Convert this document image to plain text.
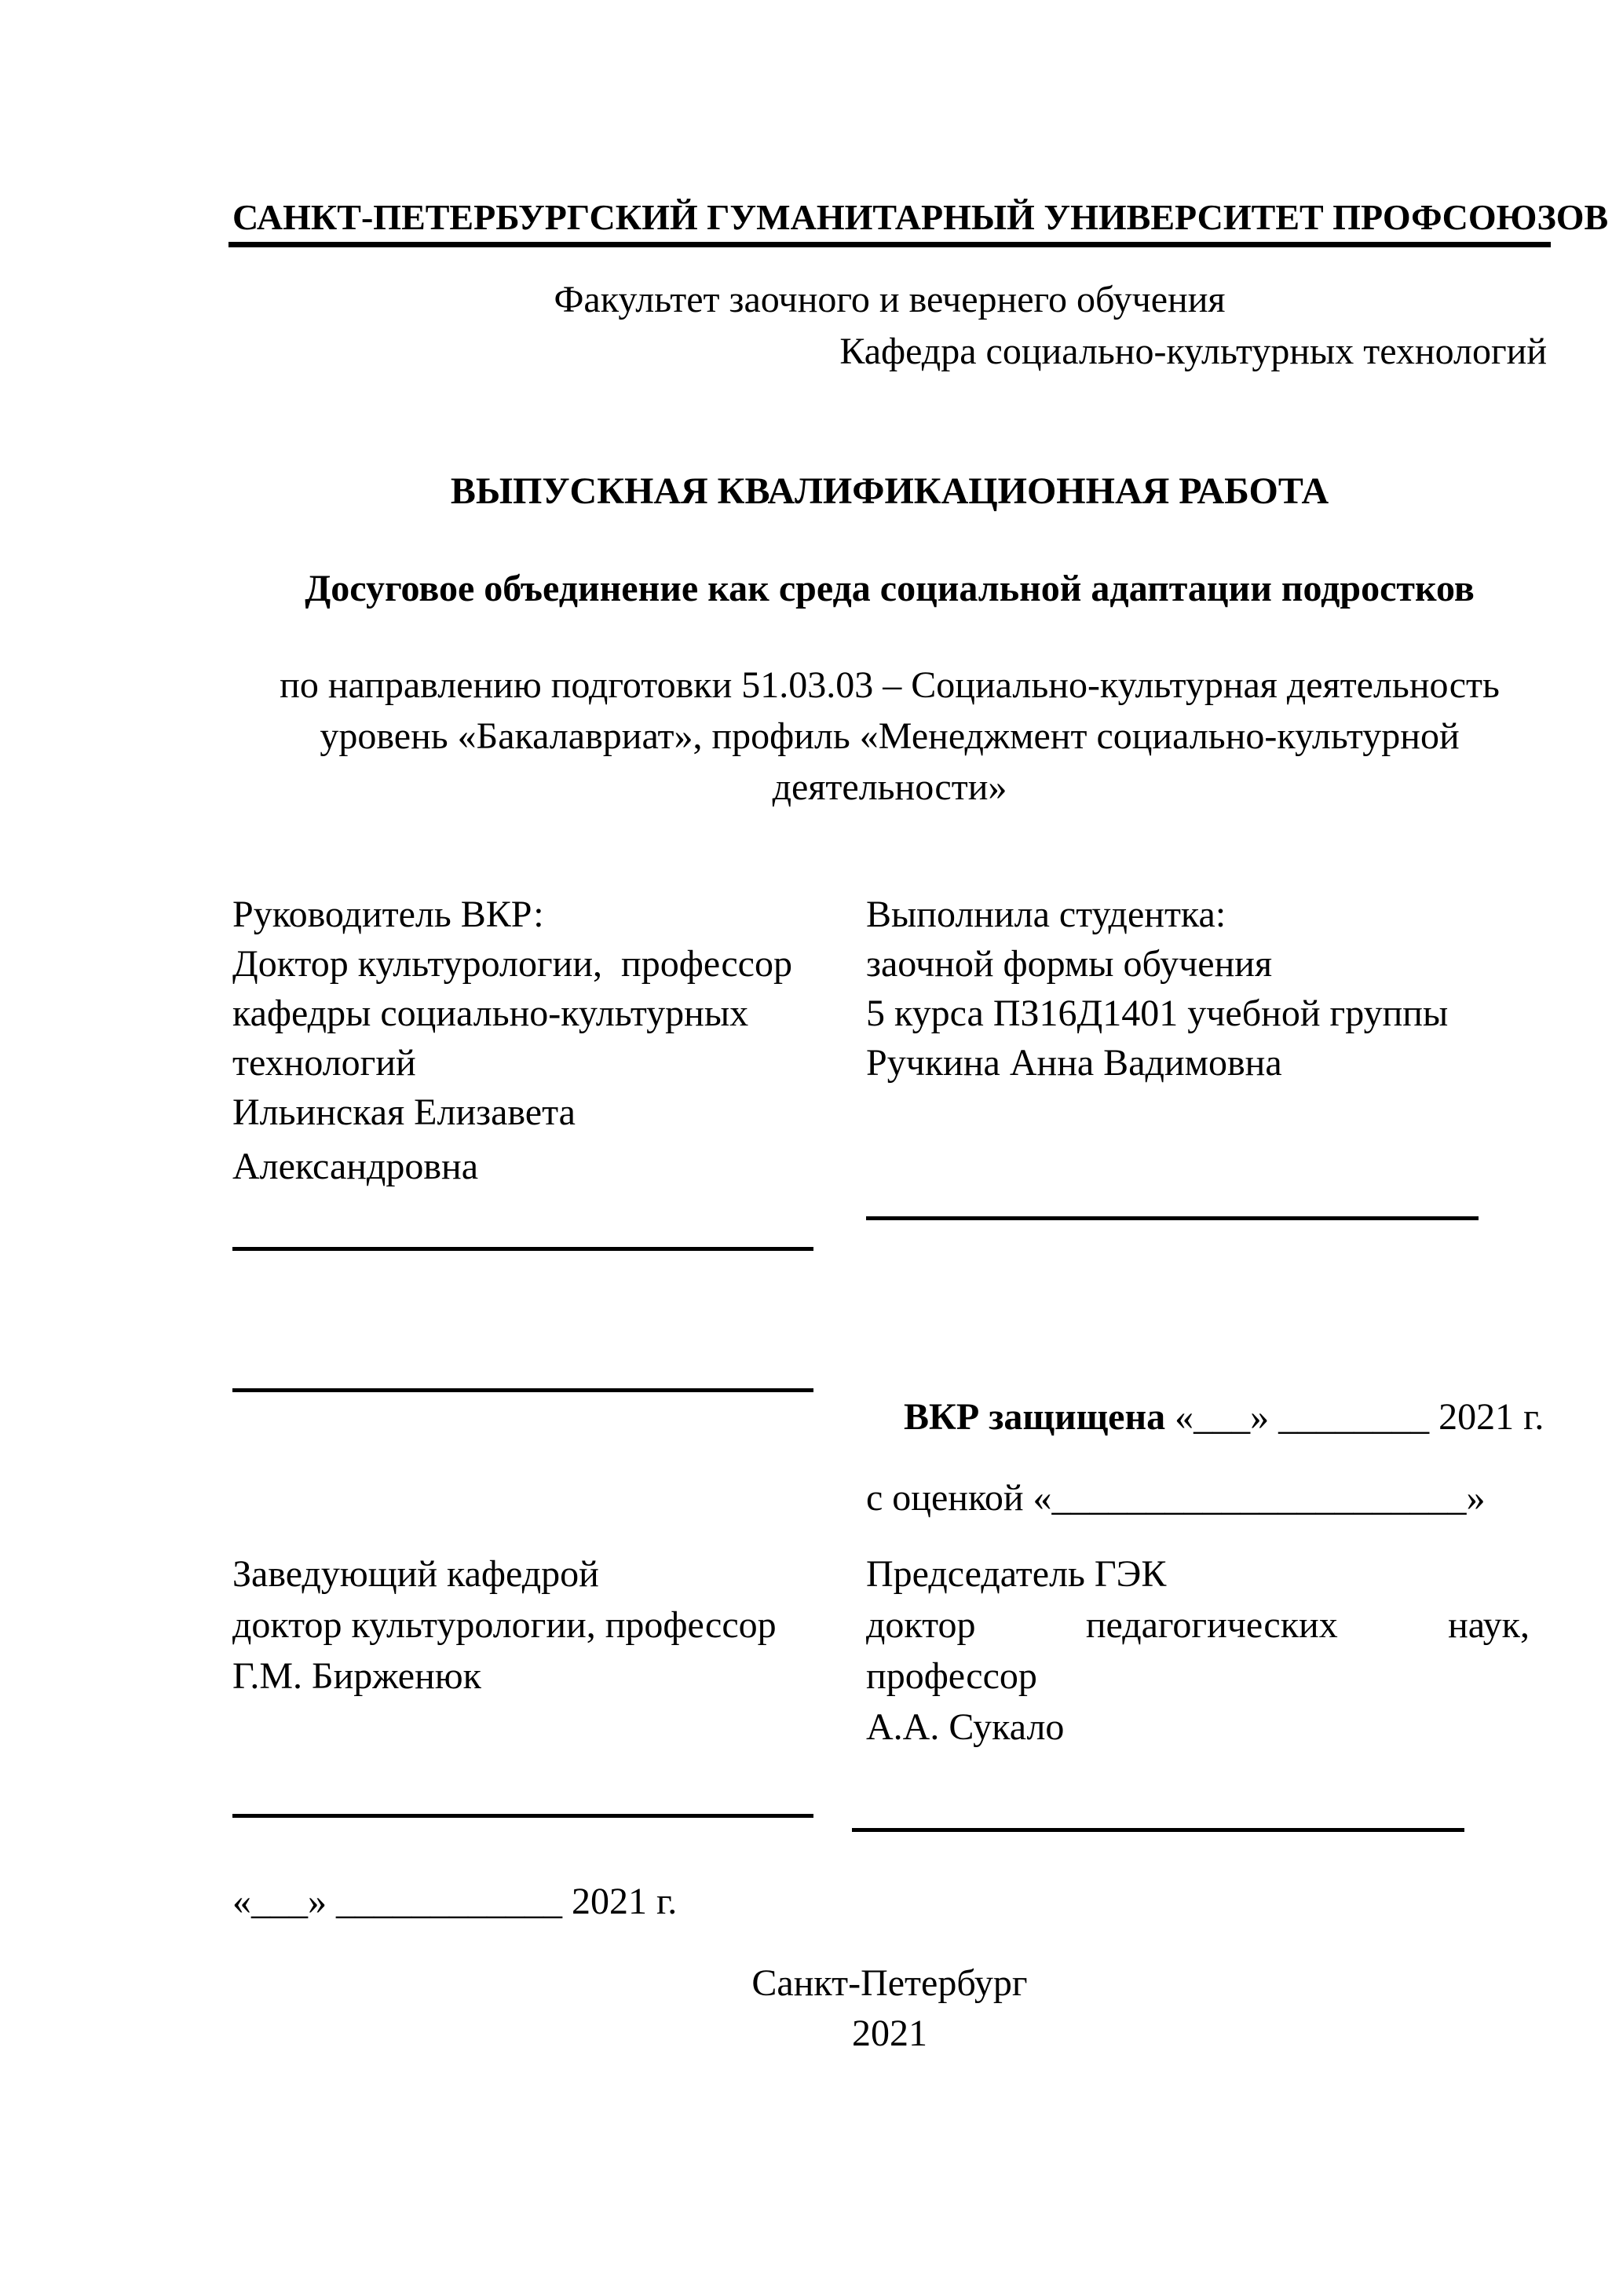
САНКТ-ПЕТЕРБУРГСКИЙ ГУМАНИТАРНЫЙ УНИВЕРСИТЕТ ПРОФСОЮЗОВ
Факультет заочного и вечернего обучения
Кафедра социально-культурных технологий
ВЫПУСКНАЯ КВАЛИФИКАЦИОННАЯ РАБОТА
Досуговое объединение как среда социальной адаптации подростков
по направлению подготовки 51.03.03 – Социально-культурная деятельность
уровень «Бакалавриат», профиль «Менеджмент социально-культурной
деятельности»

Руководитель ВКР:

Доктор культурологии,  профессор

кафедры социально-культурных

технологий

Ильинская Елизавета

Александровна

Выполнила студентка:

заочной формы обучения

5 курса ПЗ16Д1401 учебной группы

Ручкина Анна Вадимовна

ВКР защищена «___» ________ 2021 г.

с оценкой «______________________»

Заведующий кафедрой

доктор культурологии, профессор

Г.М. Бирженюк

Председатель ГЭК

доктор	педагогических	наук,

профессор

А.А. Сукало

«___» ____________ 2021 г.
Санкт-Петербург
2021
